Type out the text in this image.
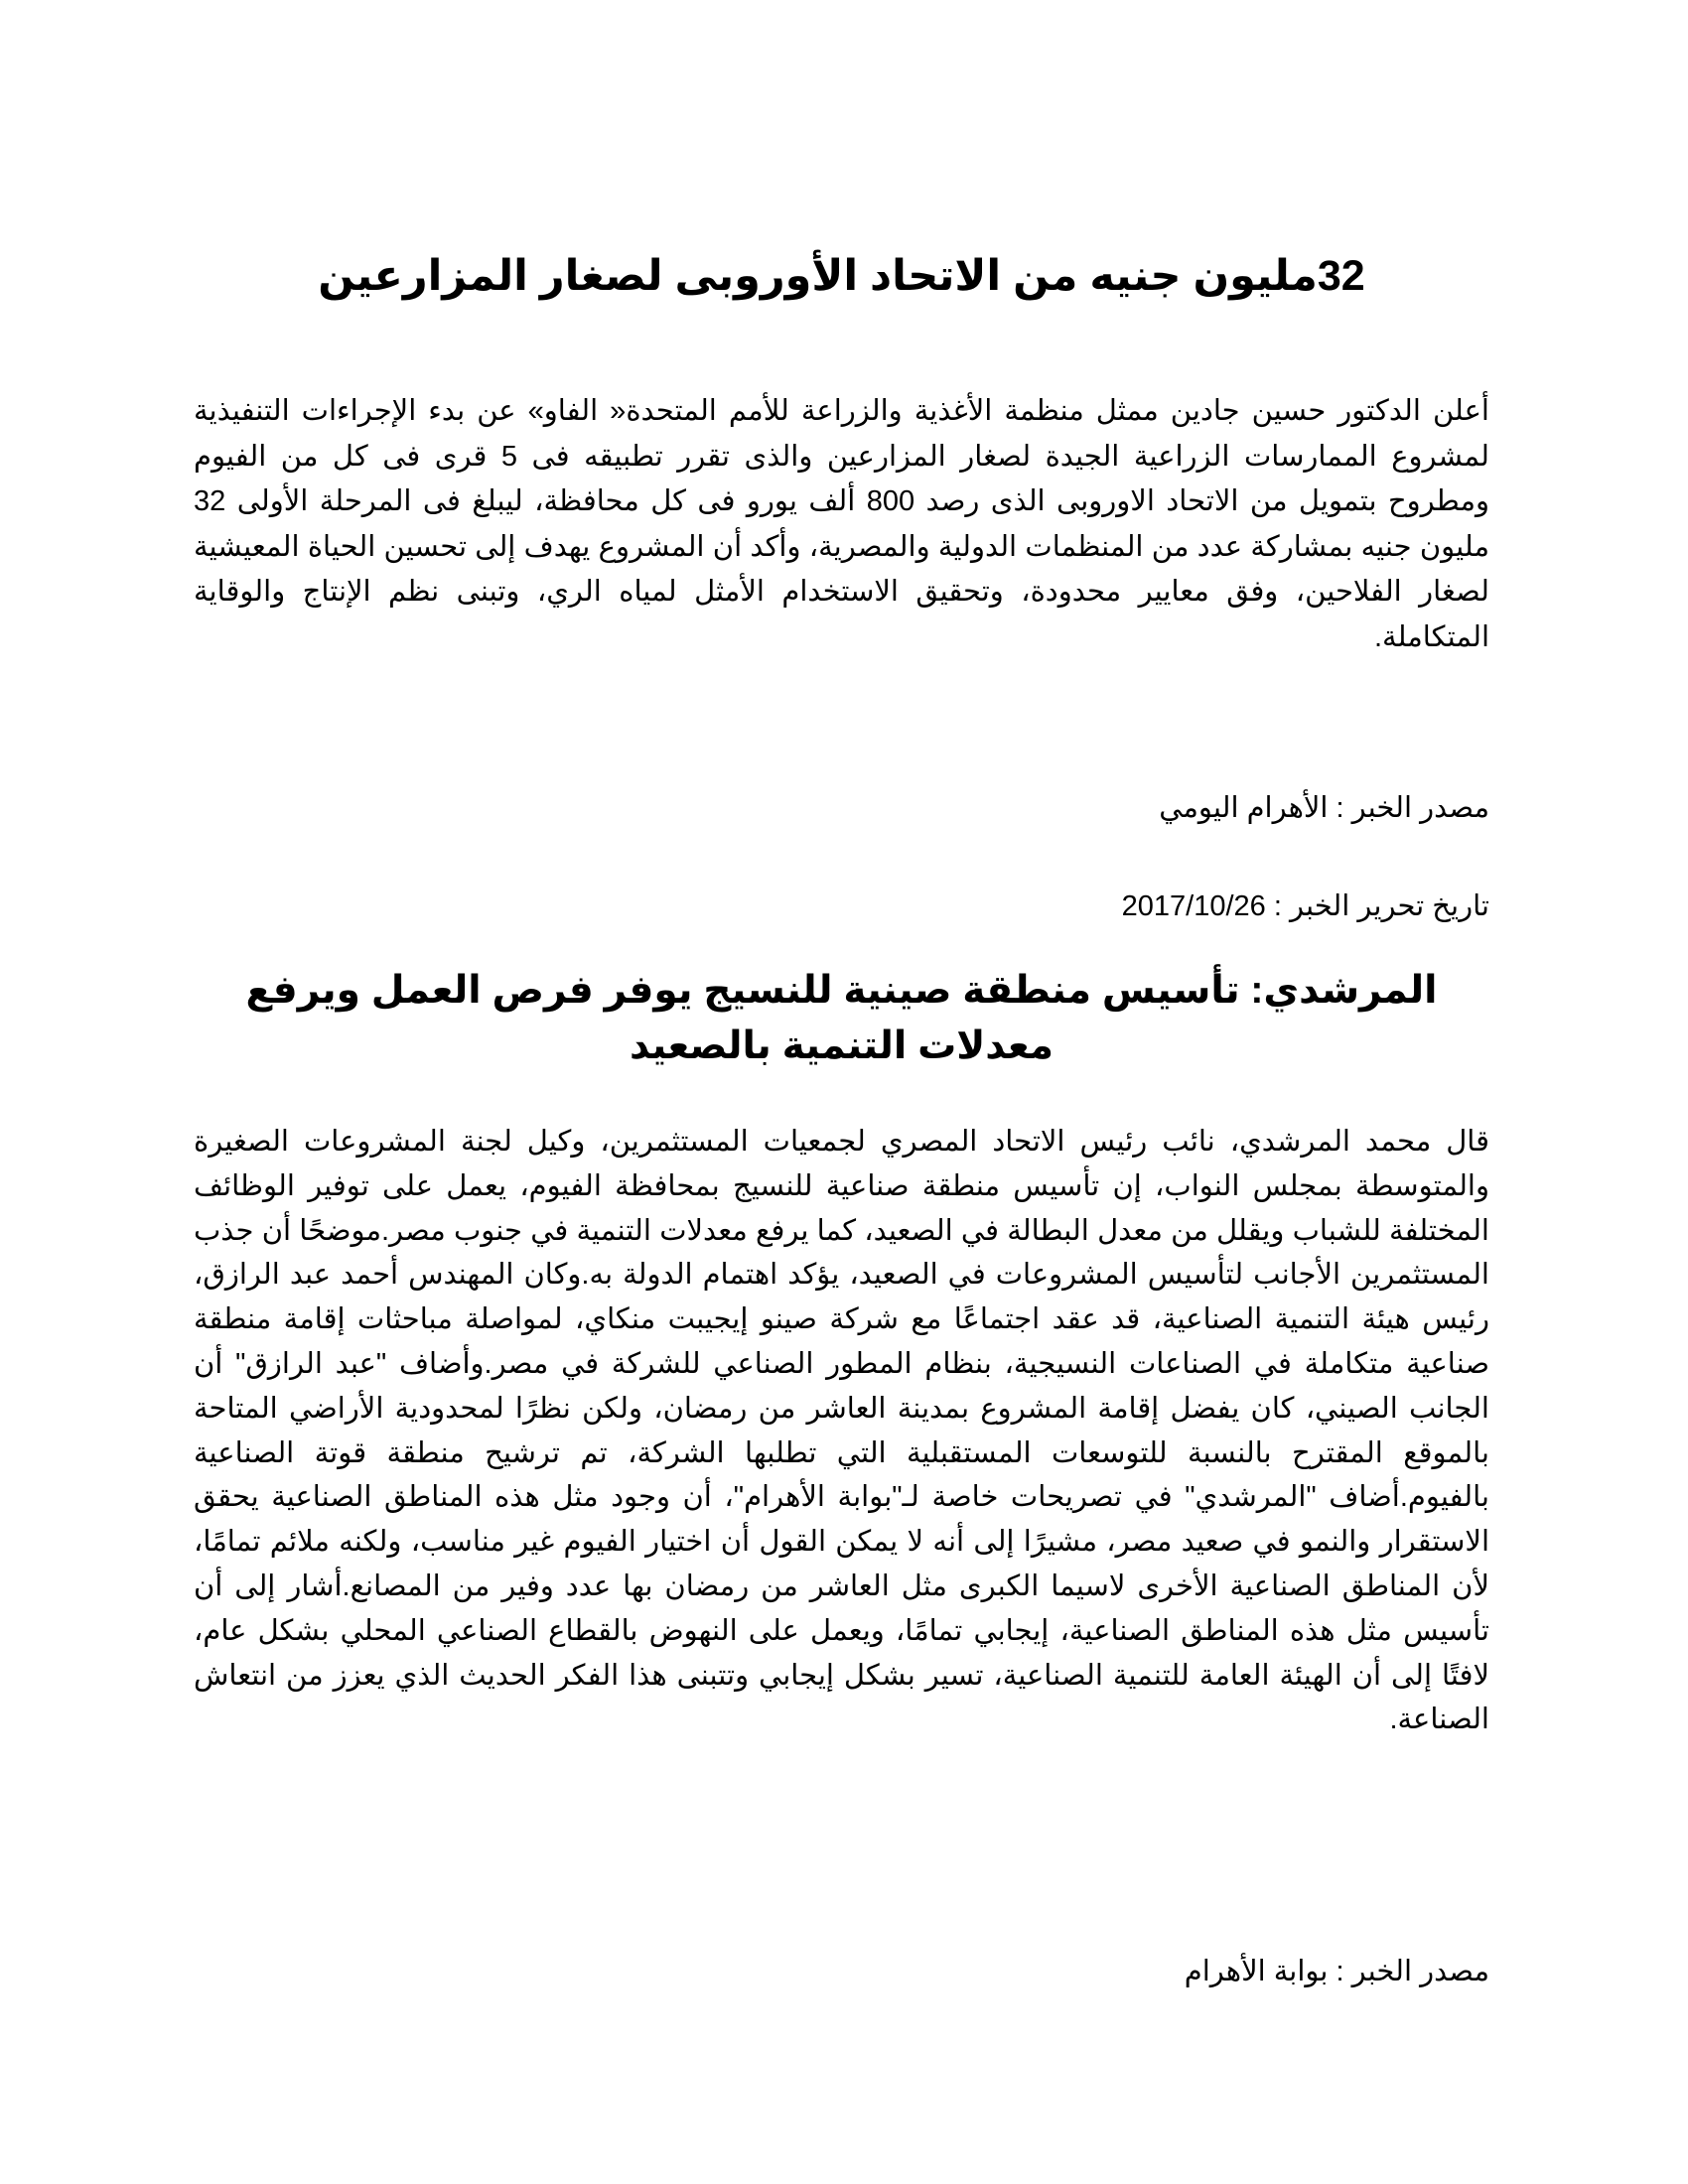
32مليون جنيه من الاتحاد الأوروبى لصغار المزارعين

أعلن الدكتور حسين جادين ممثل منظمة الأغذية والزراعة للأمم المتحدة« الفاو» عن بدء الإجراءات التنفيذية لمشروع الممارسات الزراعية الجيدة لصغار المزارعين والذى تقرر تطبيقه فى 5 قرى فى كل من الفيوم ومطروح بتمويل من الاتحاد الاوروبى الذى رصد 800 ألف يورو فى كل محافظة، ليبلغ فى المرحلة الأولى 32 مليون جنيه بمشاركة عدد من المنظمات الدولية والمصرية، وأكد أن المشروع يهدف إلى تحسين الحياة المعيشية لصغار الفلاحين، وفق معايير محدودة، وتحقيق الاستخدام الأمثل لمياه الري، وتبنى نظم الإنتاج والوقاية المتكاملة.

مصدر الخبر : الأهرام اليومي

تاريخ تحرير الخبر : 2017/10/26

المرشدي: تأسيس منطقة صينية للنسيج يوفر فرص العمل ويرفع معدلات التنمية بالصعيد

قال محمد المرشدي، نائب رئيس الاتحاد المصري لجمعيات المستثمرين، وكيل لجنة المشروعات الصغيرة والمتوسطة بمجلس النواب، إن تأسيس منطقة صناعية للنسيج بمحافظة الفيوم، يعمل على توفير الوظائف المختلفة للشباب ويقلل من معدل البطالة في الصعيد، كما يرفع معدلات التنمية في جنوب مصر.موضحًا أن جذب المستثمرين الأجانب لتأسيس المشروعات في الصعيد، يؤكد اهتمام الدولة به.وكان المهندس أحمد عبد الرازق، رئيس هيئة التنمية الصناعية، قد عقد اجتماعًا مع شركة صينو إيجيبت منكاي، لمواصلة مباحثات إقامة منطقة صناعية متكاملة في الصناعات النسيجية، بنظام المطور الصناعي للشركة في مصر.وأضاف "عبد الرازق" أن الجانب الصيني، كان يفضل إقامة المشروع بمدينة العاشر من رمضان، ولكن نظرًا لمحدودية الأراضي المتاحة بالموقع المقترح بالنسبة للتوسعات المستقبلية التي تطلبها الشركة، تم ترشيح منطقة قوتة الصناعية بالفيوم.أضاف "المرشدي" في تصريحات خاصة لـ"بوابة الأهرام"، أن وجود مثل هذه المناطق الصناعية يحقق الاستقرار والنمو في صعيد مصر، مشيرًا إلى أنه لا يمكن القول أن اختيار الفيوم غير مناسب، ولكنه ملائم تمامًا، لأن المناطق الصناعية الأخرى لاسيما الكبرى مثل العاشر من رمضان بها عدد وفير من المصانع.أشار إلى أن تأسيس مثل هذه المناطق الصناعية، إيجابي تمامًا، ويعمل على النهوض بالقطاع الصناعي المحلي بشكل عام، لافتًا إلى أن الهيئة العامة للتنمية الصناعية، تسير بشكل إيجابي وتتبنى هذا الفكر الحديث الذي يعزز من انتعاش الصناعة.

مصدر الخبر : بوابة الأهرام
